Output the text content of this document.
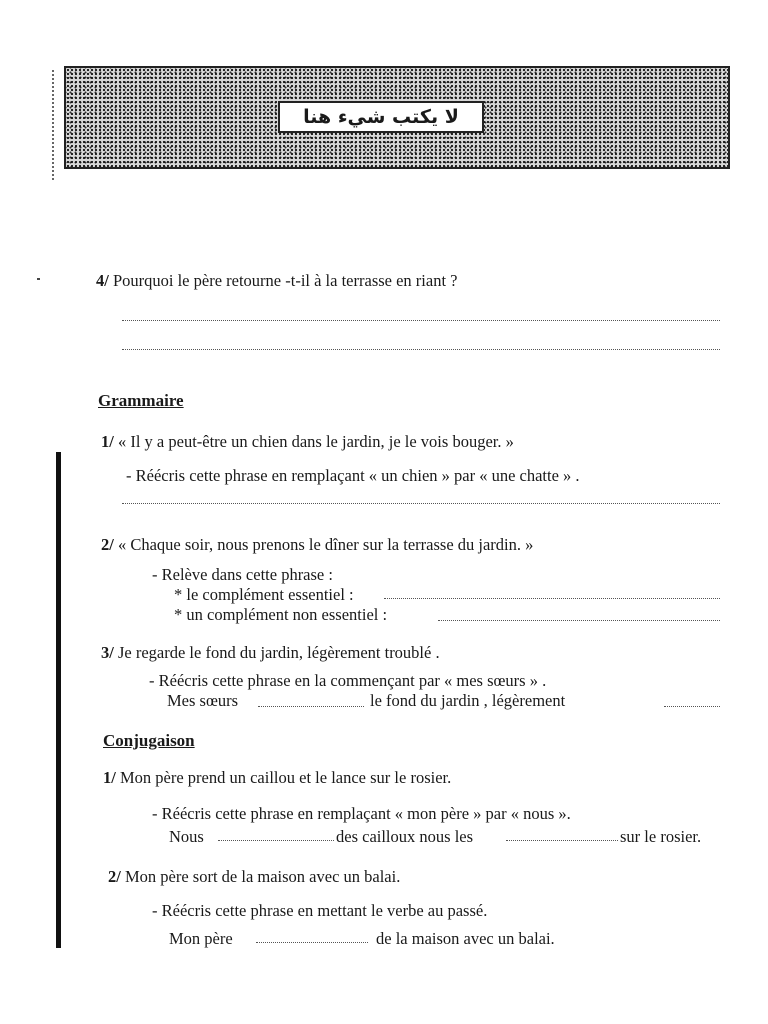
لا يكتب شيء هنا
4/ Pourquoi le père retourne -t-il à la terrasse en riant ?
Grammaire
1/ « Il y a peut-être un chien dans le jardin, je le vois bouger. »
- Réécris cette phrase en remplaçant « un chien » par « une chatte » .
2/ « Chaque soir, nous prenons le dîner sur la terrasse du jardin. »
- Relève dans cette phrase :
* le complément essentiel :
* un complément non essentiel :
3/ Je regarde le fond du jardin, légèrement troublé .
- Réécris cette phrase en la commençant par « mes sœurs » .
Mes sœurs	le fond du jardin , légèrement
Conjugaison
1/ Mon père prend un caillou et le lance sur le rosier.
- Réécris cette phrase en remplaçant « mon père » par « nous ».
Nous	des cailloux nous les	sur le rosier.
2/ Mon père sort de la maison avec un balai.
- Réécris cette phrase en mettant le verbe au passé.
Mon père	de la maison avec un balai.
